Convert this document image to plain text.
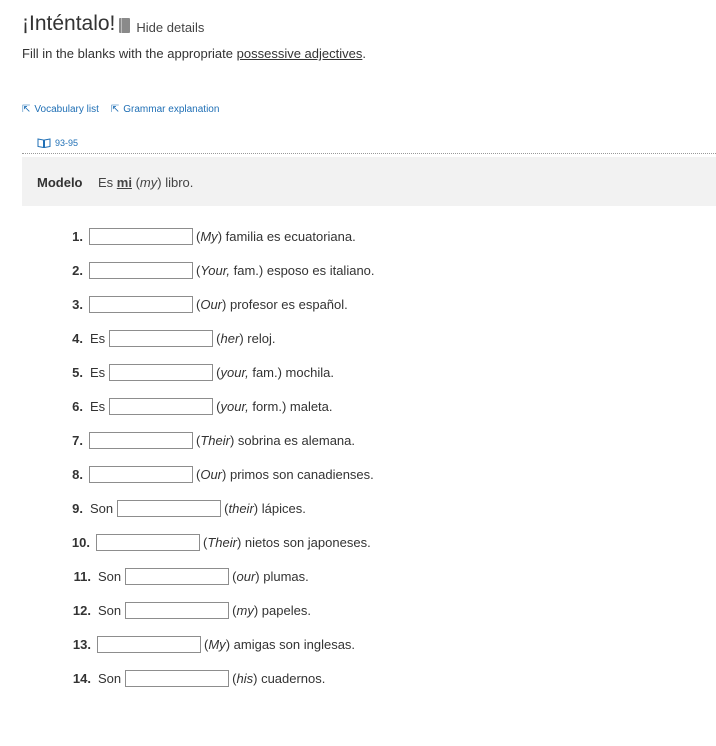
¡Inténtalo! Hide details
Fill in the blanks with the appropriate possessive adjectives.
⇱ Vocabulary list ⇱ Grammar explanation
93-95
Modelo Es mi (my) libro.
1.	(My) familia es ecuatoriana.
2.	(Your, fam.) esposo es italiano.
3.	(Our) profesor es español.
4. Es	(her) reloj.
5. Es	(your, fam.) mochila.
6. Es	(your, form.) maleta.
7.	(Their) sobrina es alemana.
8.	(Our) primos son canadienses.
9. Son	(their) lápices.
10.	(Their) nietos son japoneses.
11. Son	(our) plumas.
12. Son	(my) papeles.
13.	(My) amigas son inglesas.
14. Son	(his) cuadernos.
